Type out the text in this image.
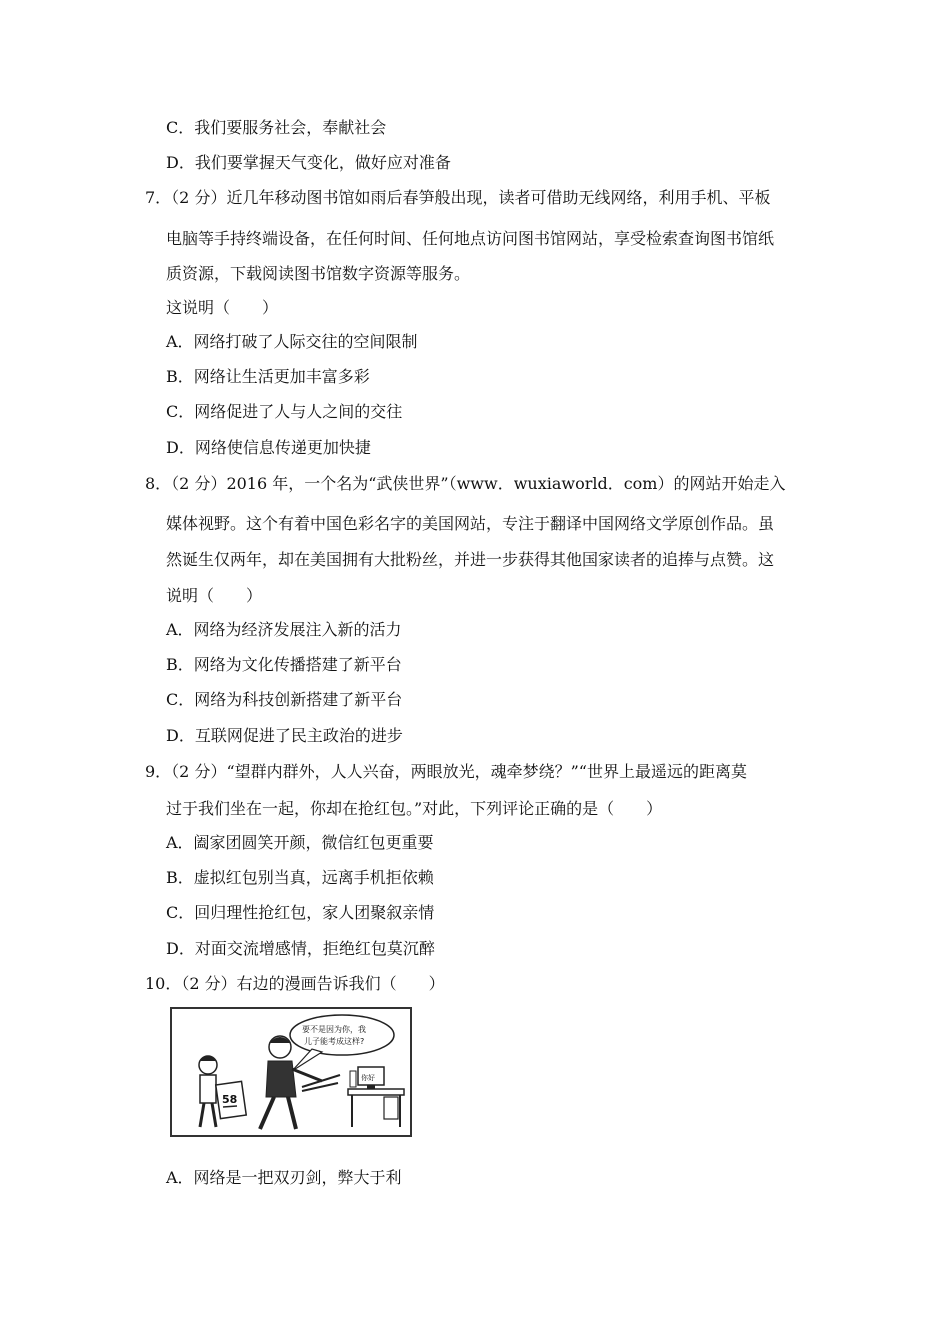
C．我们要服务社会，奉献社会
D．我们要掌握天气变化，做好应对准备
7．（2 分）近几年移动图书馆如雨后春笋般出现，读者可借助无线网络，利用手机、平板
电脑等手持终端设备，在任何时间、任何地点访问图书馆网站，享受检索查询图书馆纸
质资源，下载阅读图书馆数字资源等服务。
这说明（　　）
A．网络打破了人际交往的空间限制
B．网络让生活更加丰富多彩
C．网络促进了人与人之间的交往
D．网络使信息传递更加快捷
8．（2 分）2016 年，一个名为“武侠世界”（www．wuxiaworld．com）的网站开始走入
媒体视野。这个有着中国色彩名字的美国网站，专注于翻译中国网络文学原创作品。虽
然诞生仅两年，却在美国拥有大批粉丝，并进一步获得其他国家读者的追捧与点赞。这
说明（　　）
A．网络为经济发展注入新的活力
B．网络为文化传播搭建了新平台
C．网络为科技创新搭建了新平台
D．互联网促进了民主政治的进步
9．（2 分）“望群内群外，人人兴奋，两眼放光，魂牵梦绕？”“世界上最遥远的距离莫
过于我们坐在一起，你却在抢红包。”对此，下列评论正确的是（　　）
A．阖家团圆笑开颜，微信红包更重要
B．虚拟红包别当真，远离手机拒依赖
C．回归理性抢红包，家人团聚叙亲情
D．对面交流增感情，拒绝红包莫沉醉
10．（2 分）右边的漫画告诉我们（　　）
要不是因为你，我
儿子能考成这样?
58
你好
A．网络是一把双刃剑，弊大于利
